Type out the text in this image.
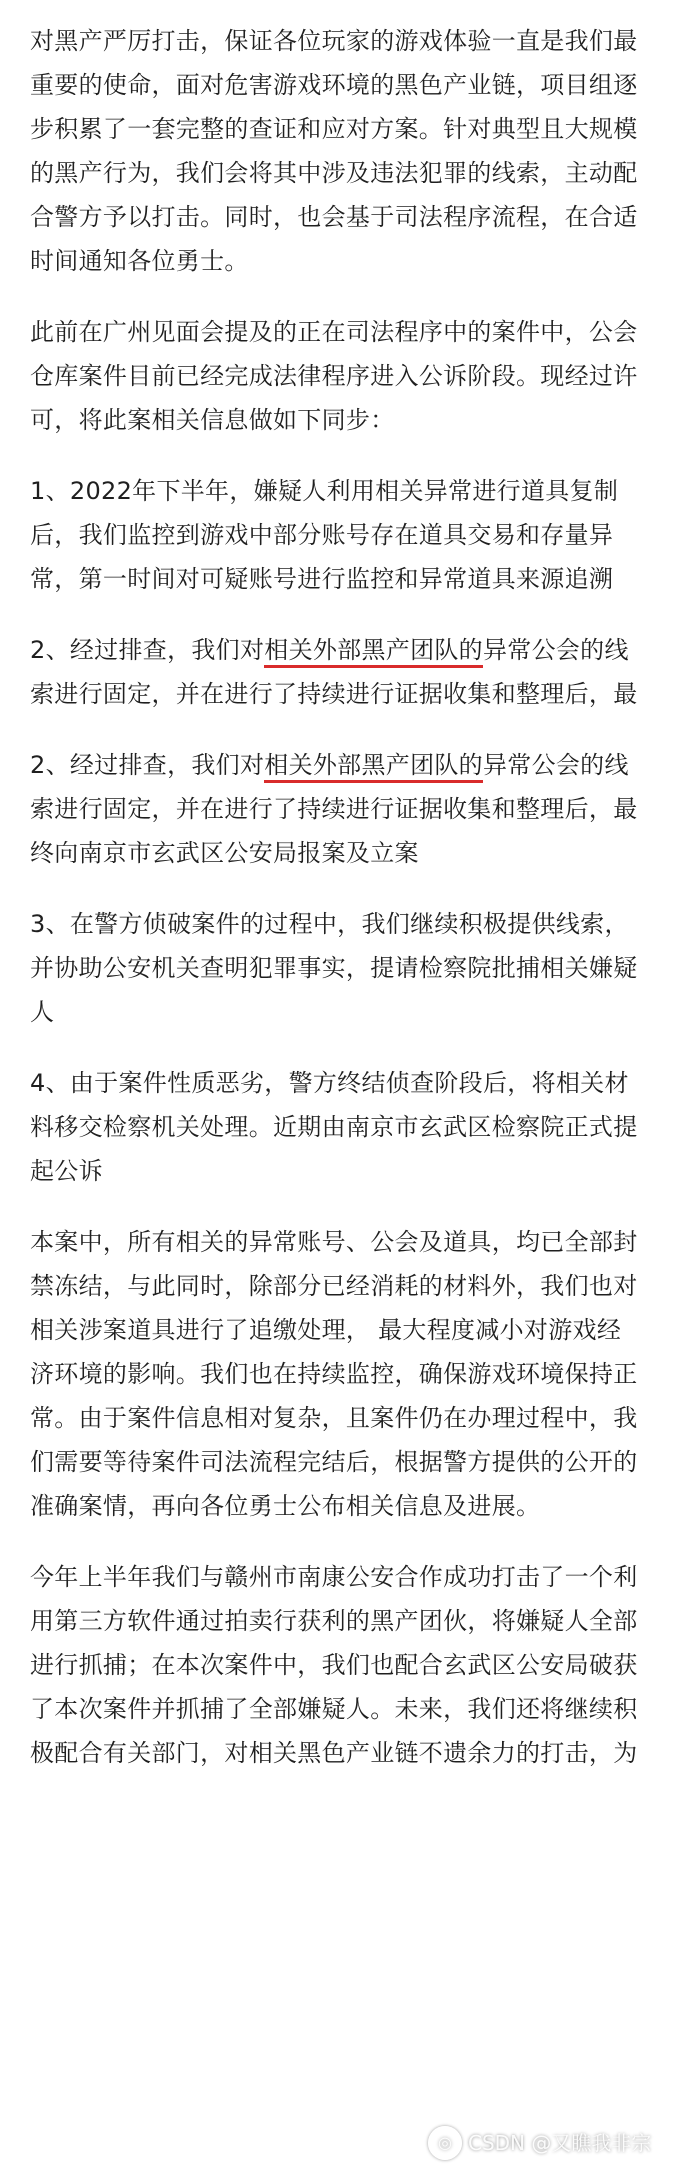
对黑产严厉打击，保证各位玩家的游戏体验一直是我们最
重要的使命，面对危害游戏环境的黑色产业链，项目组逐
步积累了一套完整的查证和应对方案。针对典型且大规模
的黑产行为，我们会将其中涉及违法犯罪的线索，主动配
合警方予以打击。同时，也会基于司法程序流程，在合适
时间通知各位勇士。
此前在广州见面会提及的正在司法程序中的案件中，公会
仓库案件目前已经完成法律程序进入公诉阶段。现经过许
可，将此案相关信息做如下同步：
1、2022年下半年，嫌疑人利用相关异常进行道具复制
后，我们监控到游戏中部分账号存在道具交易和存量异
常，第一时间对可疑账号进行监控和异常道具来源追溯
2、经过排查，我们对相关外部黑产团队的异常公会的线
索进行固定，并在进行了持续进行证据收集和整理后，最
2、经过排查，我们对相关外部黑产团队的异常公会的线
索进行固定，并在进行了持续进行证据收集和整理后，最
终向南京市玄武区公安局报案及立案
3、在警方侦破案件的过程中，我们继续积极提供线索，
并协助公安机关查明犯罪事实，提请检察院批捕相关嫌疑
人
4、由于案件性质恶劣，警方终结侦查阶段后，将相关材
料移交检察机关处理。近期由南京市玄武区检察院正式提
起公诉
本案中，所有相关的异常账号、公会及道具，均已全部封
禁冻结，与此同时，除部分已经消耗的材料外，我们也对
相关涉案道具进行了追缴处理， 最大程度减小对游戏经
济环境的影响。我们也在持续监控，确保游戏环境保持正
常。由于案件信息相对复杂，且案件仍在办理过程中，我
们需要等待案件司法流程完结后，根据警方提供的公开的
准确案情，再向各位勇士公布相关信息及进展。
今年上半年我们与赣州市南康公安合作成功打击了一个利
用第三方软件通过拍卖行获利的黑产团伙，将嫌疑人全部
进行抓捕；在本次案件中，我们也配合玄武区公安局破获
了本次案件并抓捕了全部嫌疑人。未来，我们还将继续积
极配合有关部门，对相关黑色产业链不遗余力的打击，为
◎ CSDN @又瞧我非宗
